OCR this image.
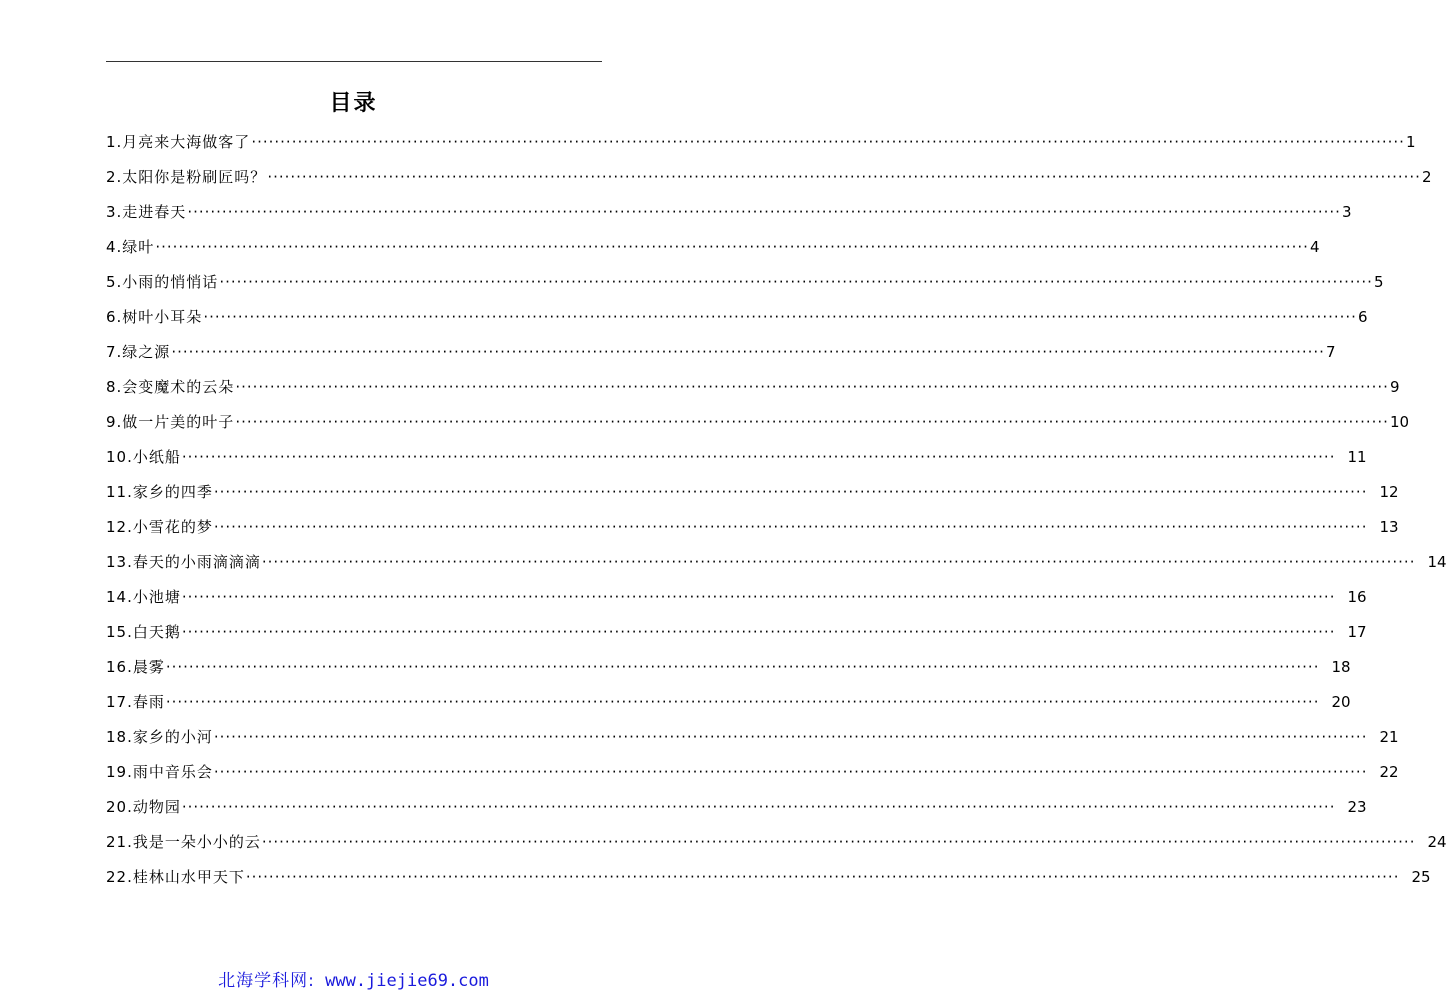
目录
1.月亮来大海做客了 ········································································································································································································ 1
2.太阳你是粉刷匠吗？ ········································································································································································································ 2
3.走进春天 ········································································································································································································ 3
4.绿叶 ········································································································································································································ 4
5.小雨的悄悄话 ········································································································································································································ 5
6.树叶小耳朵 ········································································································································································································ 6
7.绿之源 ········································································································································································································ 7
8.会变魔术的云朵 ········································································································································································································ 9
9.做一片美的叶子 ········································································································································································································ 10
10.小纸船 ········································································································································································································ 11
11.家乡的四季 ········································································································································································································ 12
12.小雪花的梦 ········································································································································································································ 13
13.春天的小雨滴滴滴 ········································································································································································································ 14
14.小池塘 ········································································································································································································ 16
15.白天鹅 ········································································································································································································ 17
16.晨雾 ········································································································································································································ 18
17.春雨 ········································································································································································································ 20
18.家乡的小河 ········································································································································································································ 21
19.雨中音乐会 ········································································································································································································ 22
20.动物园 ········································································································································································································ 23
21.我是一朵小小的云 ········································································································································································································ 24
22.桂林山水甲天下 ········································································································································································································ 25
北海学科网: www.jiejie69.com
